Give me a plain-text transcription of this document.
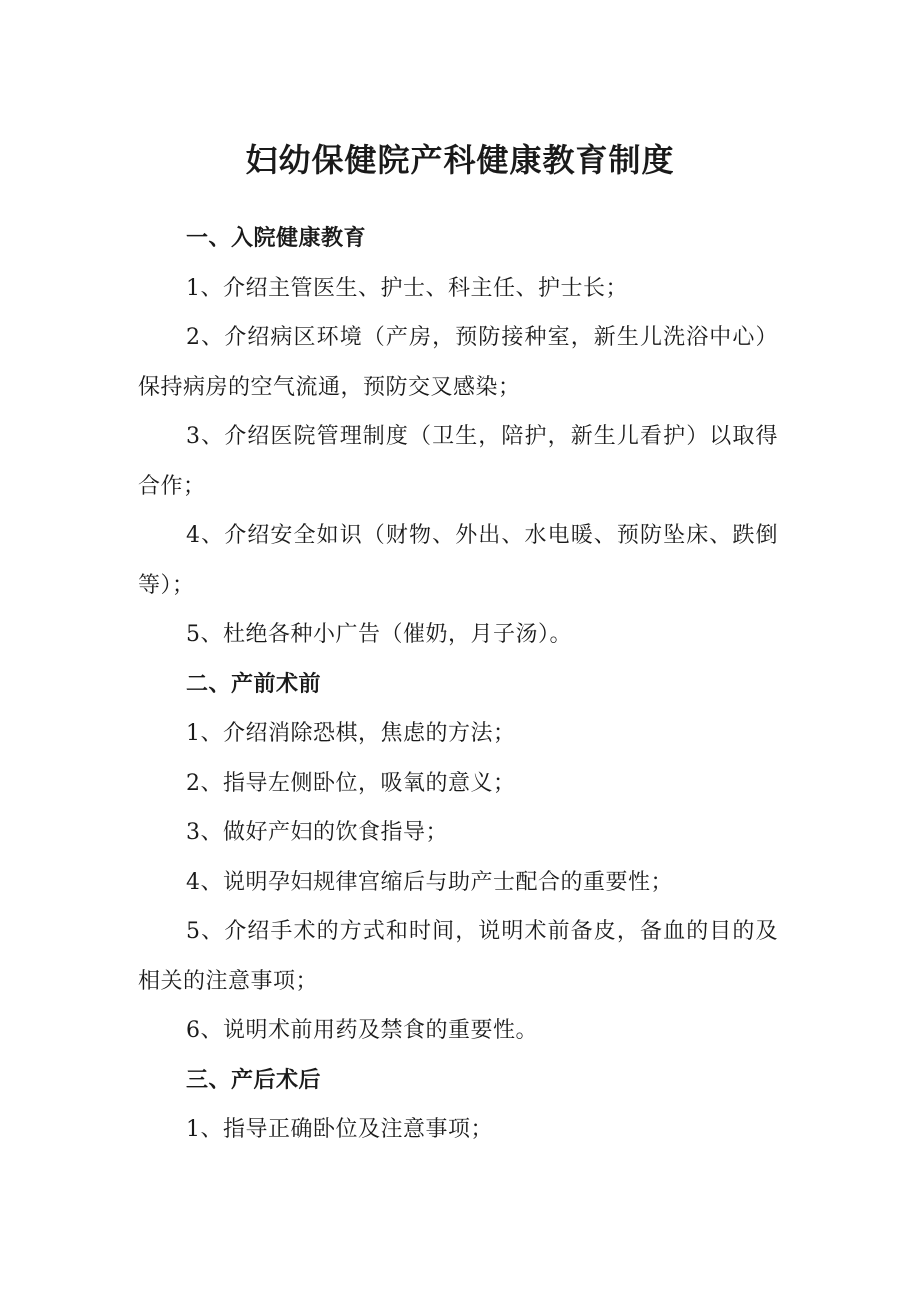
妇幼保健院产科健康教育制度

一、入院健康教育

1、介绍主管医生、护士、科主任、护士长；

2、介绍病区环境（产房，预防接种室，新生儿洗浴中心）保持病房的空气流通，预防交叉感染；

3、介绍医院管理制度（卫生，陪护，新生儿看护）以取得合作；

4、介绍安全如识（财物、外出、水电暖、预防坠床、跌倒等）；

5、杜绝各种小广告（催奶，月子汤）。

二、产前术前

1、介绍消除恐棋，焦虑的方法；

2、指导左侧卧位，吸氧的意义；

3、做好产妇的饮食指导；

4、说明孕妇规律宫缩后与助产士配合的重要性；

5、介绍手术的方式和时间，说明术前备皮，备血的目的及相关的注意事项；

6、说明术前用药及禁食的重要性。

三、产后术后

1、指导正确卧位及注意事项；
